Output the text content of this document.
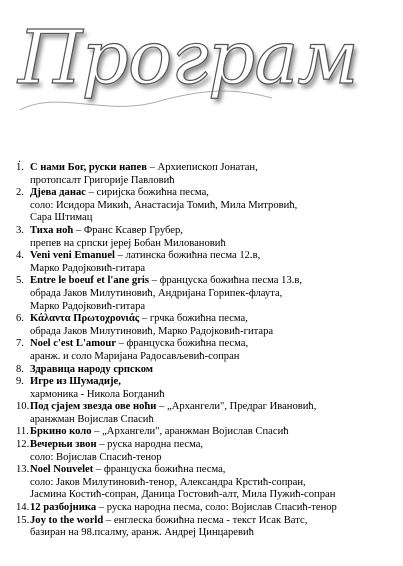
Програм
.
1. С нами Бог, руски напев – Архиепископ Јонатан,
протопсалт Григорије Павловић
2. Дјева данас – сиријска божићна песма,
соло: Исидора Микић, Анастасија Томић, Мила Митровић,
Сара Штимац
3. Тиха ноћ – Франс Ксавер Грубер,
препев на српски јереј Бобан Миловановић
4. Veni veni Emanuel – латинска божићна песма 12.в,
Марко Радојковић-гитара
5. Entre le boeuf et l'ane gris – француска божићна песма 13.в,
обрада Јаков Милутиновић, Андријана Горипек-флаута,
Марко Радојковић-гитара
6. Κάλαντα Πρωτοχρονιάς – грчка божићна песма,
обрада Јаков Милутиновић, Марко Радојковић-гитара
7. Noel c'est L'amour – француска божићна песма,
аранж. и соло Маријана Радосављевић-сопран
8. Здравица народу српском
9. Игре из Шумадије,
хармоника - Никола Богданић
10. Под сјајем звезда ове ноћи – „Архангели", Предраг Ивановић,
аранжман Војислав Спасић
11. Бркино коло – „Архангели", аранжман Војислав Спасић
12. Вечерњи звон – руска народна песма,
соло: Војислав Спасић-тенор
13. Noel Nouvelet – француска божићна песма,
соло: Јаков Милутиновић-тенор, Александра Крстић-сопран,
Јасмина Костић-сопран, Даница Гостовић-алт, Мила Пужић-сопран
14. 12 разбојника – руска народна песма, соло: Војислав Спасић-тенор
15. Joy to the world – енглеска божићна песма - текст Исак Ватс,
базиран на 98.псалму, аранж. Андреј Цинцаревић
